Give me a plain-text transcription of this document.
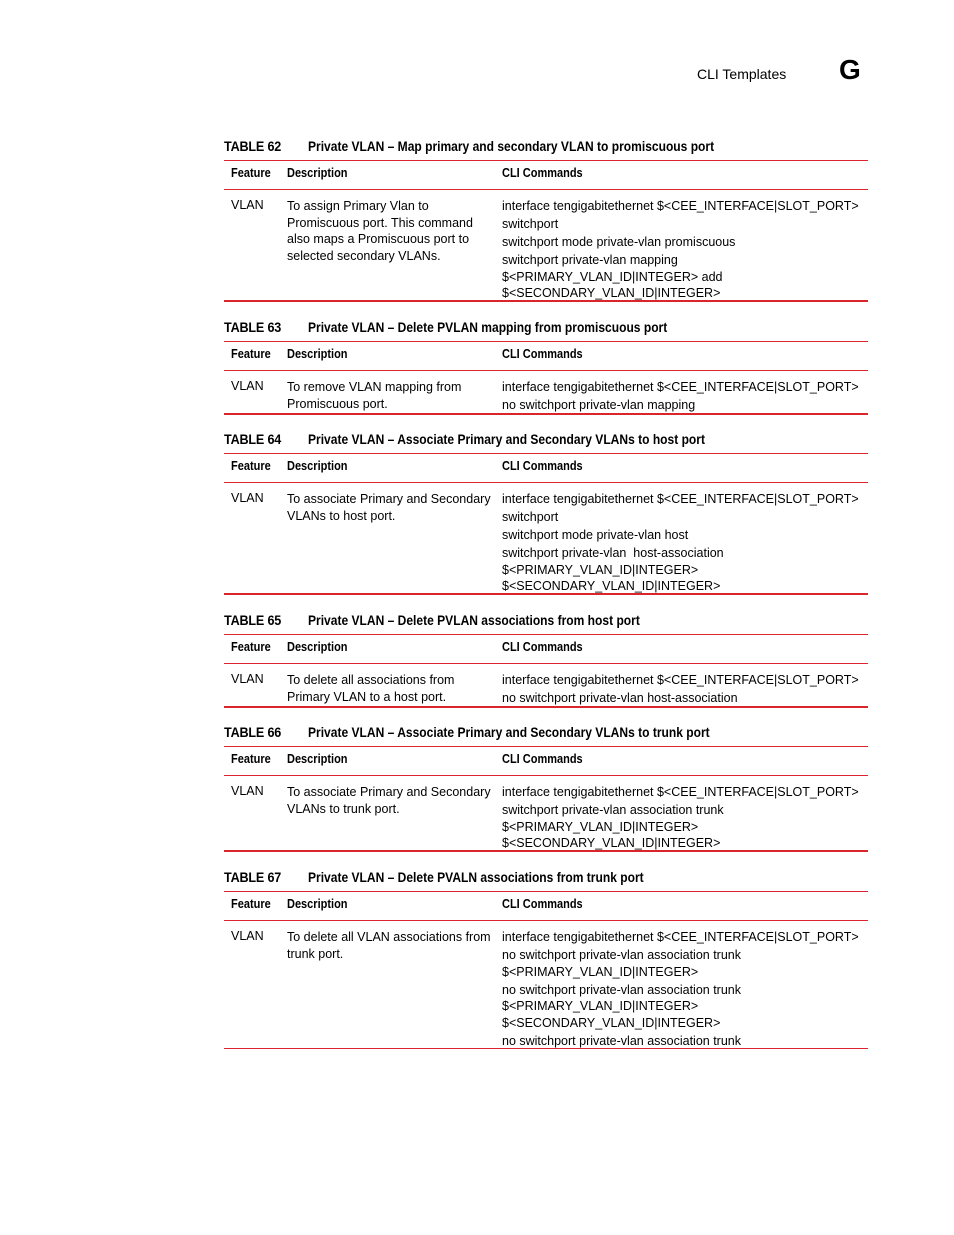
CLI Templates G
TABLE 62 Private VLAN – Map primary and secondary VLAN to promiscuous port
Feature Description	CLI Commands
VLAN To assign Primary Vlan to Promiscuous port. This command also maps a Promiscuous port to selected secondary VLANs.
interface tengigabitethernet $<CEE_INTERFACE|SLOT_PORT>
switchport
switchport mode private-vlan promiscuous
switchport private-vlan mapping
$<PRIMARY_VLAN_ID|INTEGER> add
$<SECONDARY_VLAN_ID|INTEGER>
TABLE 63 Private VLAN – Delete PVLAN mapping from promiscuous port
Feature Description	CLI Commands
VLAN To remove VLAN mapping from Promiscuous port.
interface tengigabitethernet $<CEE_INTERFACE|SLOT_PORT>
no switchport private-vlan mapping
TABLE 64 Private VLAN – Associate Primary and Secondary VLANs to host port
Feature Description	CLI Commands
VLAN To associate Primary and Secondary VLANs to host port.
interface tengigabitethernet $<CEE_INTERFACE|SLOT_PORT>
switchport
switchport mode private-vlan host
switchport private-vlan  host-association
$<PRIMARY_VLAN_ID|INTEGER>
$<SECONDARY_VLAN_ID|INTEGER>
TABLE 65 Private VLAN – Delete PVLAN associations from host port
Feature Description	CLI Commands
VLAN To delete all associations from Primary VLAN to a host port.
interface tengigabitethernet $<CEE_INTERFACE|SLOT_PORT>
no switchport private-vlan host-association
TABLE 66 Private VLAN – Associate Primary and Secondary VLANs to trunk port
Feature Description	CLI Commands
VLAN To associate Primary and Secondary VLANs to trunk port.
interface tengigabitethernet $<CEE_INTERFACE|SLOT_PORT>
switchport private-vlan association trunk
$<PRIMARY_VLAN_ID|INTEGER>
$<SECONDARY_VLAN_ID|INTEGER>
TABLE 67 Private VLAN – Delete PVALN associations from trunk port
Feature Description	CLI Commands
VLAN To delete all VLAN associations from trunk port.
interface tengigabitethernet $<CEE_INTERFACE|SLOT_PORT>
no switchport private-vlan association trunk
$<PRIMARY_VLAN_ID|INTEGER>
no switchport private-vlan association trunk
$<PRIMARY_VLAN_ID|INTEGER>
$<SECONDARY_VLAN_ID|INTEGER>
no switchport private-vlan association trunk
